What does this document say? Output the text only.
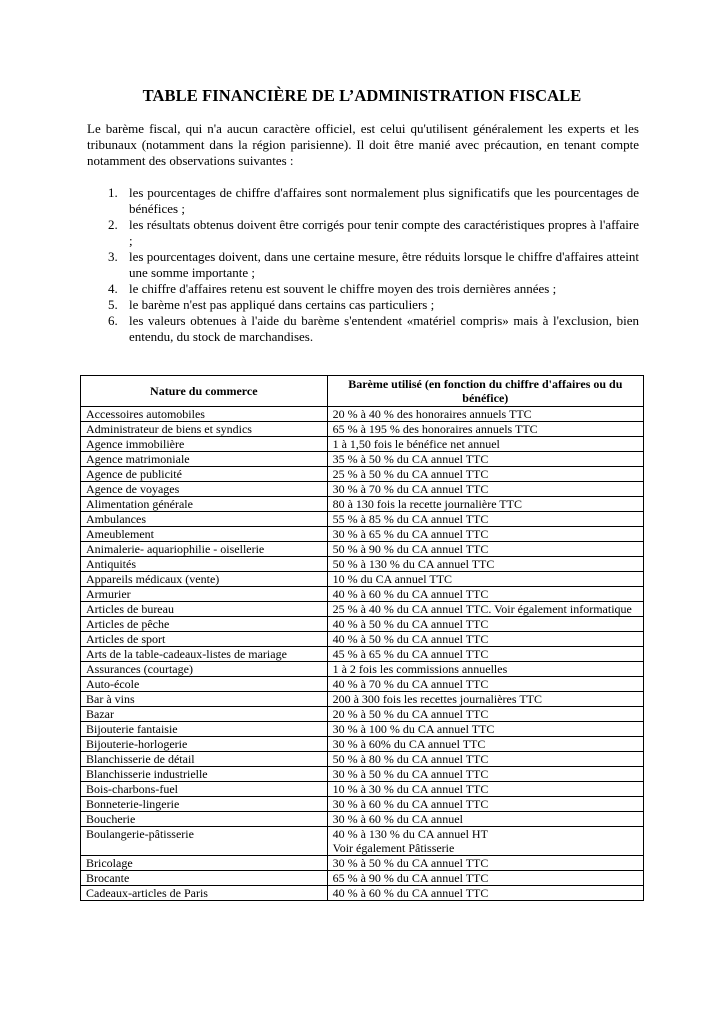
TABLE FINANCIÈRE DE L’ADMINISTRATION FISCALE

Le barème fiscal, qui n'a aucun caractère officiel, est celui qu'utilisent généralement les experts et les tribunaux (notamment dans la région parisienne). Il doit être manié avec précaution, en tenant compte notamment des observations suivantes :

1. les pourcentages de chiffre d'affaires sont normalement plus significatifs que les pourcentages de bénéfices ;
2. les résultats obtenus doivent être corrigés pour tenir compte des caractéristiques propres à l'affaire ;
3. les pourcentages doivent, dans une certaine mesure, être réduits lorsque le chiffre d'affaires atteint une somme importante ;
4. le chiffre d'affaires retenu est souvent le chiffre moyen des trois dernières années ;
5. le barème n'est pas appliqué dans certains cas particuliers ;
6. les valeurs obtenues à l'aide du barème s'entendent «matériel compris» mais à l'exclusion, bien entendu, du stock de marchandises.
Nature du commerce	Barème utilisé (en fonction du chiffre d'affaires ou du bénéfice)
Accessoires automobiles	20 % à 40 % des honoraires annuels TTC
Administrateur de biens et syndics	65 % à 195 % des honoraires annuels TTC
Agence immobilière	1 à 1,50 fois le bénéfice net annuel
Agence matrimoniale	35 % à 50 % du CA annuel TTC
Agence de publicité	25 % à 50 % du CA annuel TTC
Agence de voyages	30 % à 70 % du CA annuel TTC
Alimentation générale	80 à 130 fois la recette journalière TTC
Ambulances	55 % à 85 % du CA annuel TTC
Ameublement	30 % à 65 % du CA annuel TTC
Animalerie- aquariophilie - oisellerie	50 % à 90 % du CA annuel TTC
Antiquités	50 % à 130 % du CA annuel TTC
Appareils médicaux (vente)	10 % du CA annuel TTC
Armurier	40 % à 60 % du CA annuel TTC
Articles de bureau	25 % à 40 % du CA annuel TTC. Voir également informatique
Articles de pêche	40 % à 50 % du CA annuel TTC
Articles de sport	40 % à 50 % du CA annuel TTC
Arts de la table-cadeaux-listes de mariage	45 % à 65 % du CA annuel TTC
Assurances (courtage)	1 à 2 fois les commissions annuelles
Auto-école	40 % à 70 % du CA annuel TTC
Bar à vins	200 à 300 fois les recettes journalières TTC
Bazar	20 % à 50 % du CA annuel TTC
Bijouterie fantaisie	30 % à 100 % du CA annuel TTC
Bijouterie-horlogerie	30 % à 60% du CA annuel TTC
Blanchisserie de détail	50 % à 80 % du CA annuel TTC
Blanchisserie industrielle	30 % à 50 % du CA annuel TTC
Bois-charbons-fuel	10 % à 30 % du CA annuel TTC
Bonneterie-lingerie	30 % à 60 % du CA annuel TTC
Boucherie	30 % à 60 % du CA annuel
Boulangerie-pâtisserie	40 % à 130 % du CA annuel HT
Voir également Pâtisserie
Bricolage	30 % à 50 % du CA annuel TTC
Brocante	65 % à 90 % du CA annuel TTC
Cadeaux-articles de Paris	40 % à 60 % du CA annuel TTC
